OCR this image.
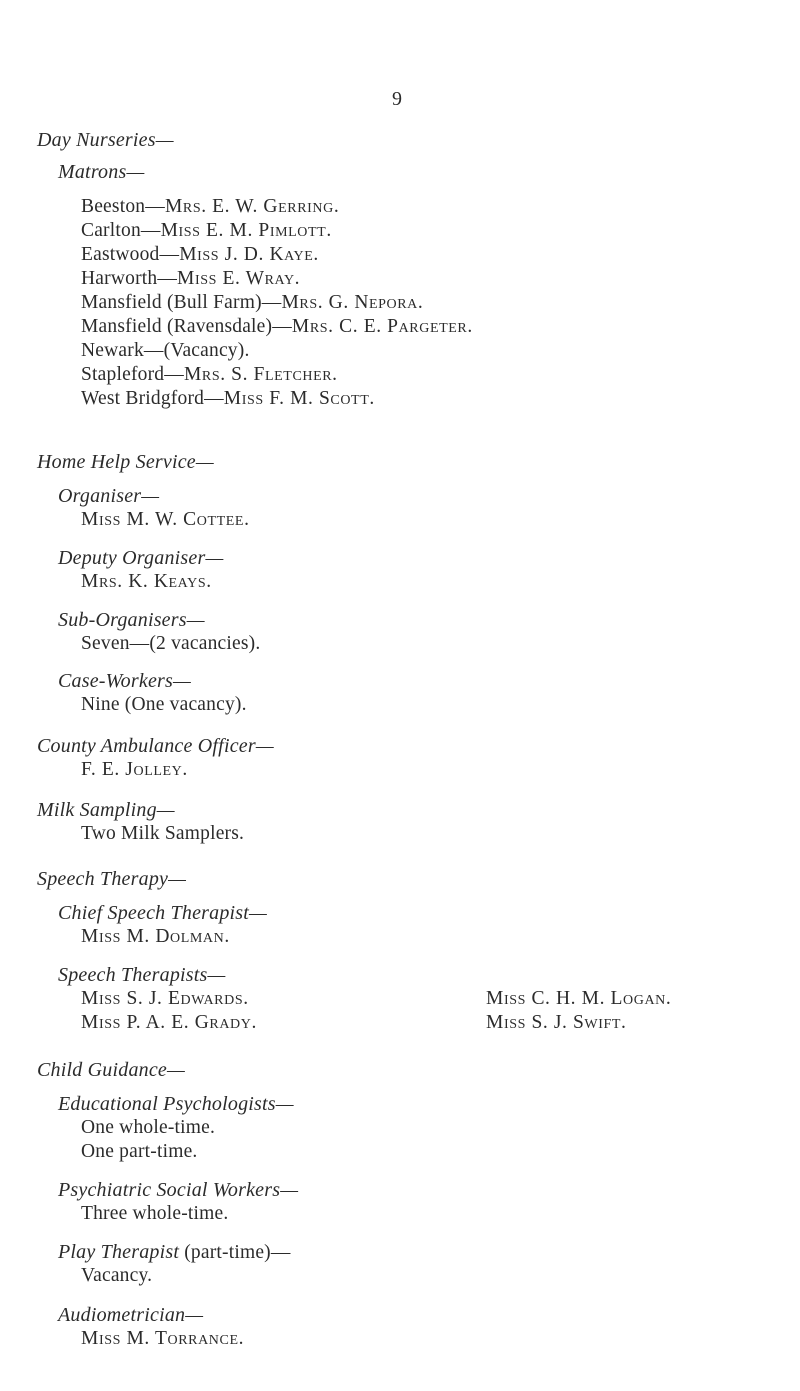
9
Day Nurseries—
Matrons—
Beeston—Mrs. E. W. Gerring.
Carlton—Miss E. M. Pimlott.
Eastwood—Miss J. D. Kaye.
Harworth—Miss E. Wray.
Mansfield (Bull Farm)—Mrs. G. Nepora.
Mansfield (Ravensdale)—Mrs. C. E. Pargeter.
Newark—(Vacancy).
Stapleford—Mrs. S. Fletcher.
West Bridgford—Miss F. M. Scott.
Home Help Service—
Organiser—
Miss M. W. Cottee.
Deputy Organiser—
Mrs. K. Keays.
Sub-Organisers—
Seven—(2 vacancies).
Case-Workers—
Nine (One vacancy).
County Ambulance Officer—
F. E. Jolley.
Milk Sampling—
Two Milk Samplers.
Speech Therapy—
Chief Speech Therapist—
Miss M. Dolman.
Speech Therapists—
Miss S. J. Edwards.
Miss P. A. E. Grady.
Miss C. H. M. Logan.
Miss S. J. Swift.
Child Guidance—
Educational Psychologists—
One whole-time.
One part-time.
Psychiatric Social Workers—
Three whole-time.
Play Therapist (part-time)—
Vacancy.
Audiometrician—
Miss M. Torrance.
